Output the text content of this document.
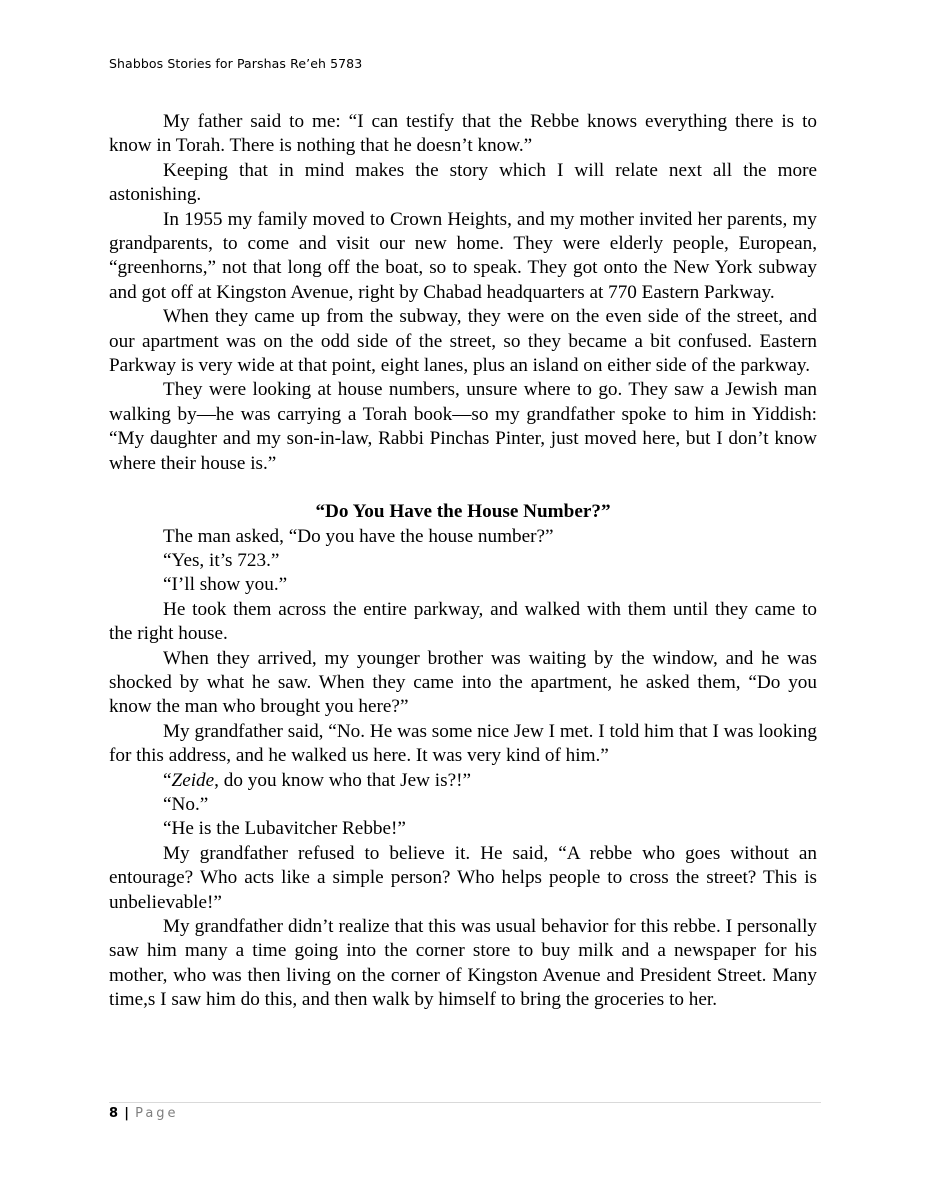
Shabbos Stories for Parshas Re’eh 5783

My father said to me: “I can testify that the Rebbe knows everything there is to know in Torah. There is nothing that he doesn’t know.”

Keeping that in mind makes the story which I will relate next all the more astonishing.

In 1955 my family moved to Crown Heights, and my mother invited her parents, my grandparents, to come and visit our new home. They were elderly people, European, “greenhorns,” not that long off the boat, so to speak. They got onto the New York subway and got off at Kingston Avenue, right by Chabad headquarters at 770 Eastern Parkway.

When they came up from the subway, they were on the even side of the street, and our apartment was on the odd side of the street, so they became a bit confused. Eastern Parkway is very wide at that point, eight lanes, plus an island on either side of the parkway.

They were looking at house numbers, unsure where to go. They saw a Jewish man walking by—he was carrying a Torah book—so my grandfather spoke to him in Yiddish: “My daughter and my son-in-law, Rabbi Pinchas Pinter, just moved here, but I don’t know where their house is.”

“Do You Have the House Number?”

The man asked, “Do you have the house number?”

“Yes, it’s 723.”

“I’ll show you.”

He took them across the entire parkway, and walked with them until they came to the right house.

When they arrived, my younger brother was waiting by the window, and he was shocked by what he saw. When they came into the apartment, he asked them, “Do you know the man who brought you here?”

My grandfather said, “No. He was some nice Jew I met. I told him that I was looking for this address, and he walked us here. It was very kind of him.”

“Zeide, do you know who that Jew is?!”

“No.”

“He is the Lubavitcher Rebbe!”

My grandfather refused to believe it. He said, “A rebbe who goes without an entourage? Who acts like a simple person? Who helps people to cross the street? This is unbelievable!”

My grandfather didn’t realize that this was usual behavior for this rebbe. I personally saw him many a time going into the corner store to buy milk and a newspaper for his mother, who was then living on the corner of Kingston Avenue and President Street. Many time,s I saw him do this, and then walk by himself to bring the groceries to her.

8 | Page
